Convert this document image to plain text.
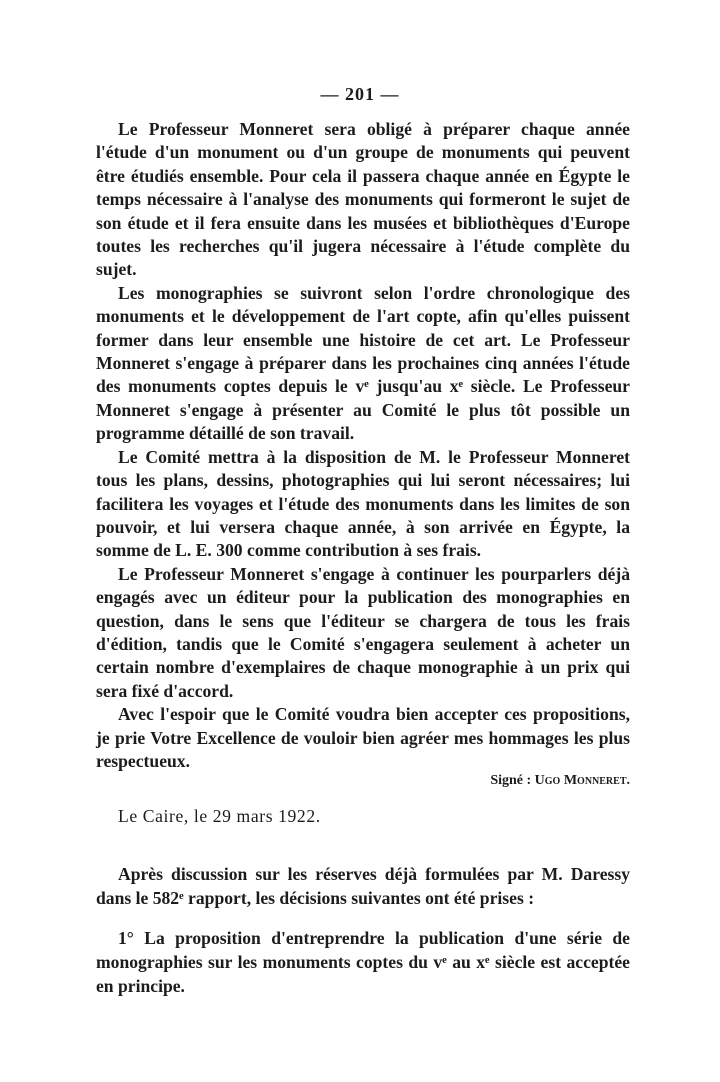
— 201 —

Le Professeur Monneret sera obligé à préparer chaque année l'étude d'un monument ou d'un groupe de monuments qui peuvent être étudiés ensemble. Pour cela il passera chaque année en Égypte le temps nécessaire à l'analyse des monuments qui formeront le sujet de son étude et il fera ensuite dans les musées et bibliothèques d'Europe toutes les recherches qu'il jugera nécessaire à l'étude complète du sujet.

Les monographies se suivront selon l'ordre chronologique des monuments et le développement de l'art copte, afin qu'elles puissent former dans leur ensemble une histoire de cet art. Le Professeur Monneret s'engage à préparer dans les prochaines cinq années l'étude des monuments coptes depuis le vᵉ jusqu'au xᵉ siècle. Le Professeur Monneret s'engage à présenter au Comité le plus tôt possible un programme détaillé de son travail.

Le Comité mettra à la disposition de M. le Professeur Monneret tous les plans, dessins, photographies qui lui seront nécessaires; lui facilitera les voyages et l'étude des monuments dans les limites de son pouvoir, et lui versera chaque année, à son arrivée en Égypte, la somme de L. E. 300 comme contribution à ses frais.

Le Professeur Monneret s'engage à continuer les pourparlers déjà engagés avec un éditeur pour la publication des monographies en question, dans le sens que l'éditeur se chargera de tous les frais d'édition, tandis que le Comité s'engagera seulement à acheter un certain nombre d'exemplaires de chaque monographie à un prix qui sera fixé d'accord.

Avec l'espoir que le Comité voudra bien accepter ces propositions, je prie Votre Excellence de vouloir bien agréer mes hommages les plus respectueux.

Signé : Ugo Monneret.
Le Caire, le 29 mars 1922.

Après discussion sur les réserves déjà formulées par M. Daressy dans le 582ᵉ rapport, les décisions suivantes ont été prises :

1° La proposition d'entreprendre la publication d'une série de monographies sur les monuments coptes du vᵉ au xᵉ siècle est acceptée en principe.
